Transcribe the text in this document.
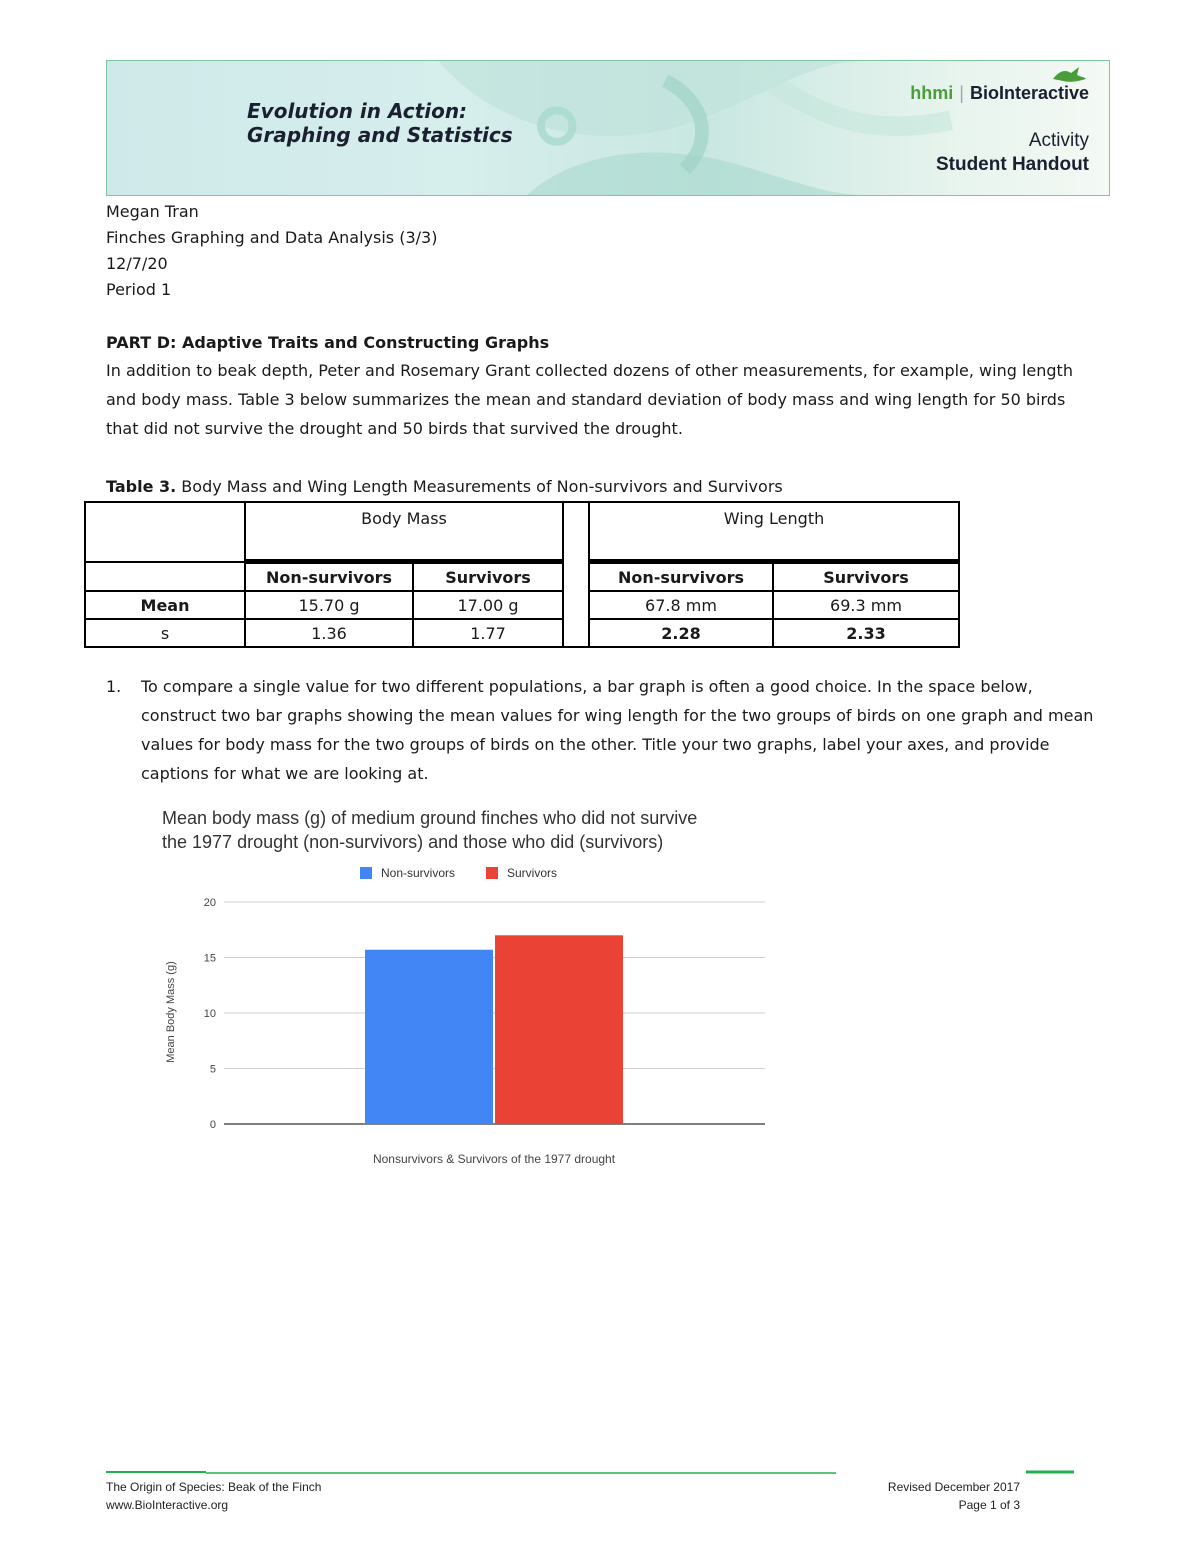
Evolution in Action:
Graphing and Statistics
hhmi | BioInteractive
Activity
Student Handout
Megan Tran
Finches Graphing and Data Analysis (3/3)
12/7/20
Period 1
PART D: Adaptive Traits and Constructing Graphs
In addition to beak depth, Peter and Rosemary Grant collected dozens of other measurements, for example, wing length and body mass. Table 3 below summarizes the mean and standard deviation of body mass and wing length for 50 birds that did not survive the drought and 50 birds that survived the drought.
Table 3. Body Mass and Wing Length Measurements of Non-survivors and Survivors
	Body Mass			Wing Length	
	Non-survivors	Survivors		Non-survivors	Survivors
Mean	15.70 g	17.00 g		67.8 mm	69.3 mm
s	1.36	1.77		2.28	2.33
1. To compare a single value for two different populations, a bar graph is often a good choice. In the space below, construct two bar graphs showing the mean values for wing length for the two groups of birds on one graph and mean values for body mass for the two groups of birds on the other. Title your two graphs, label your axes, and provide captions for what we are looking at.
Mean body mass (g) of medium ground finches who did not survive
the 1977 drought (non-survivors) and those who did (survivors)
Non-survivors	Survivors
0
5
10
15
20
Mean Body Mass (g)
Nonsurvivors & Survivors of the 1977 drought
The Origin of Species: Beak of the Finch
www.BioInteractive.org
Revised December 2017
Page 1 of 3
